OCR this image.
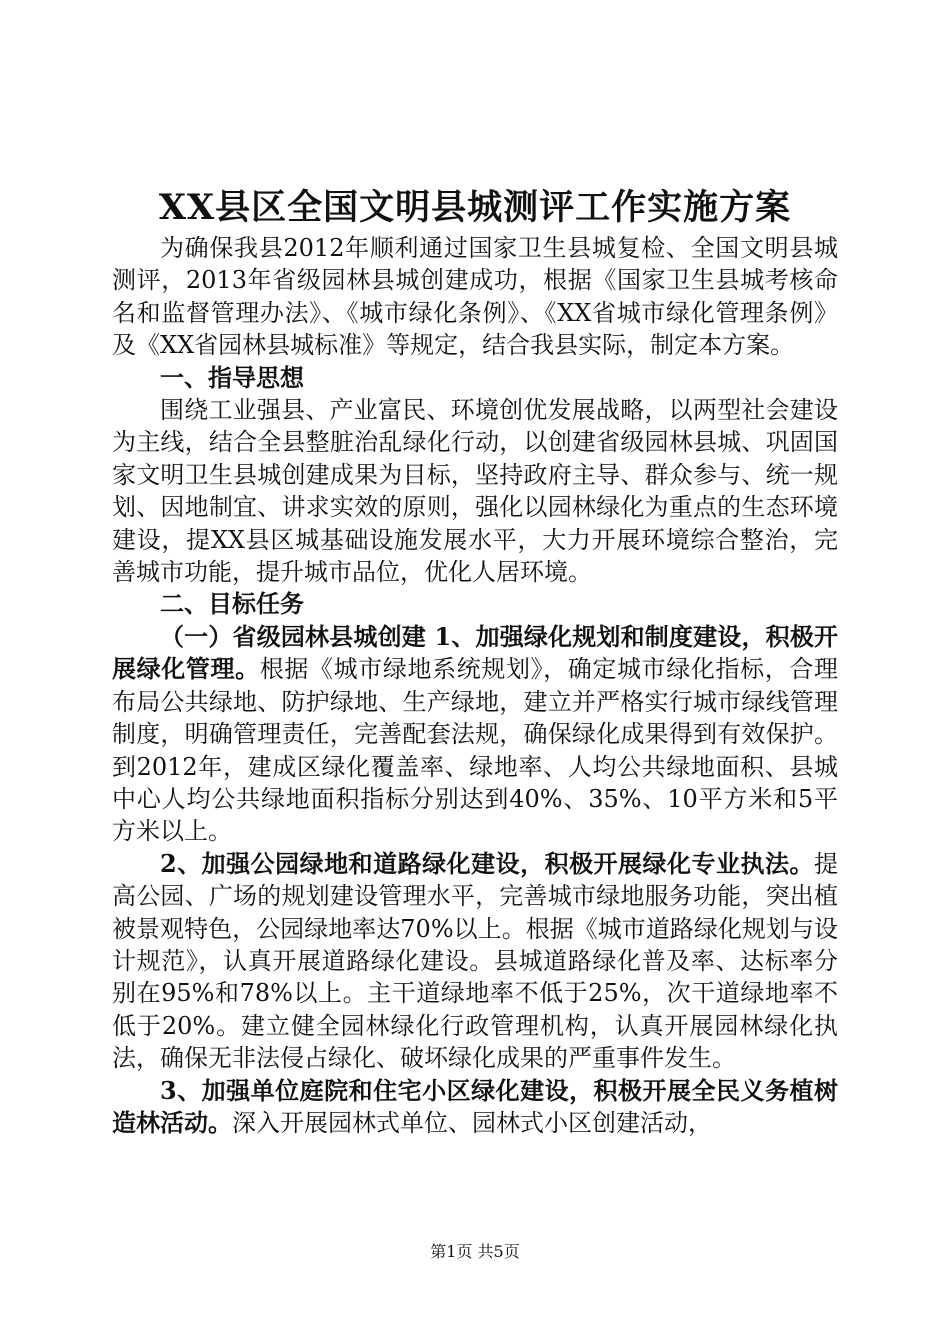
XX县区全国文明县城测评工作实施方案

为确保我县2012年顺利通过国家卫生县城复检、全国文明县城测评，2013年省级园林县城创建成功，根据《国家卫生县城考核命名和监督管理办法》、《城市绿化条例》、《XX省城市绿化管理条例》及《XX省园林县城标准》等规定，结合我县实际，制定本方案。

一、指导思想

围绕工业强县、产业富民、环境创优发展战略，以两型社会建设为主线，结合全县整脏治乱绿化行动，以创建省级园林县城、巩固国家文明卫生县城创建成果为目标，坚持政府主导、群众参与、统一规划、因地制宜、讲求实效的原则，强化以园林绿化为重点的生态环境建设，提XX县区城基础设施发展水平，大力开展环境综合整治，完善城市功能，提升城市品位，优化人居环境。

二、目标任务

（一）省级园林县城创建 1、加强绿化规划和制度建设，积极开展绿化管理。根据《城市绿地系统规划》，确定城市绿化指标，合理布局公共绿地、防护绿地、生产绿地，建立并严格实行城市绿线管理制度，明确管理责任，完善配套法规，确保绿化成果得到有效保护。到2012年，建成区绿化覆盖率、绿地率、人均公共绿地面积、县城中心人均公共绿地面积指标分别达到40%、35%、10平方米和5平方米以上。

2、加强公园绿地和道路绿化建设，积极开展绿化专业执法。提高公园、广场的规划建设管理水平，完善城市绿地服务功能，突出植被景观特色，公园绿地率达70%以上。根据《城市道路绿化规划与设计规范》，认真开展道路绿化建设。县城道路绿化普及率、达标率分别在95%和78%以上。主干道绿地率不低于25%，次干道绿地率不低于20%。建立健全园林绿化行政管理机构，认真开展园林绿化执法，确保无非法侵占绿化、破坏绿化成果的严重事件发生。

3、加强单位庭院和住宅小区绿化建设，积极开展全民义务植树造林活动。深入开展园林式单位、园林式小区创建活动，

第1页 共5页
